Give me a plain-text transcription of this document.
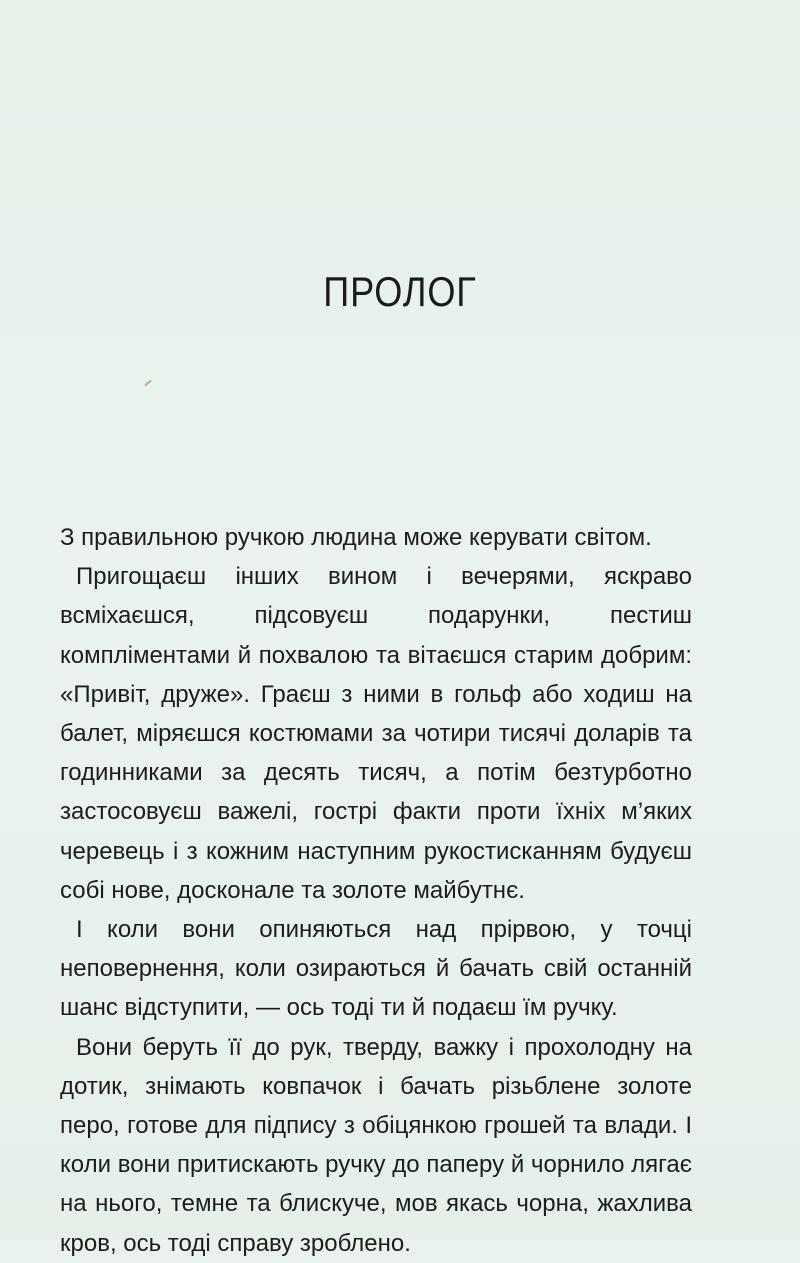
ПРОЛОГ

З правильною ручкою людина може керувати світом.

Пригощаєш інших вином і вечерями, яскраво всміхаєшся, підсовуєш подарунки, пестиш компліментами й похвалою та вітаєшся старим добрим: «Привіт, друже». Граєш з ними в гольф або ходиш на балет, міряєшся костюмами за чотири тисячі доларів та годинниками за десять тисяч, а потім безтурботно застосовуєш важелі, гострі факти проти їхніх м’яких черевець і з кожним наступним рукостисканням будуєш собі нове, досконале та золоте майбутнє.

І коли вони опиняються над прірвою, у точці неповернення, коли озираються й бачать свій останній шанс відступити, — ось тоді ти й подаєш їм ручку.

Вони беруть її до рук, тверду, важку і прохолодну на дотик, знімають ковпачок і бачать різьблене золоте перо, готове для підпису з обіцянкою грошей та влади. І коли вони притискають ручку до паперу й чорнило лягає на нього, темне та блискуче, мов якась чорна, жахлива кров, ось тоді справу зроблено.
